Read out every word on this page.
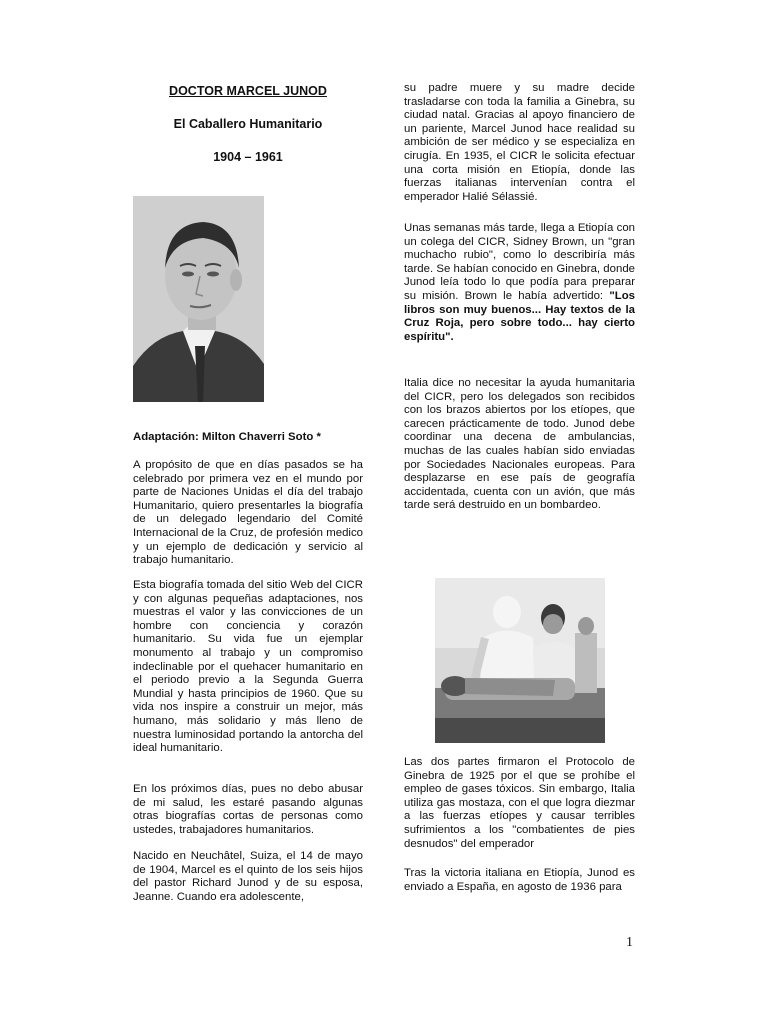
DOCTOR MARCEL JUNOD
El Caballero Humanitario
1904 – 1961
Adaptación: Milton Chaverri Soto *

A propósito de que en días pasados se ha celebrado por primera vez en el mundo por parte de Naciones Unidas el día del trabajo Humanitario, quiero presentarles la biografía de un delegado legendario del Comité Internacional de la Cruz, de profesión medico y un ejemplo de dedicación y servicio al trabajo humanitario.

Esta biografía tomada del sitio Web del CICR y con algunas pequeñas adaptaciones, nos muestras el valor y las convicciones de un hombre con conciencia y corazón humanitario. Su vida fue un ejemplar monumento al trabajo y un compromiso indeclinable por el quehacer humanitario en el periodo previo a la Segunda Guerra Mundial y hasta principios de 1960. Que su vida nos inspire a construir un mejor, más humano, más solidario y más lleno de nuestra luminosidad portando la antorcha del ideal humanitario.

En los próximos días, pues no debo abusar de mi salud, les estaré pasando algunas otras biografías cortas de personas como ustedes, trabajadores humanitarios.

Nacido en Neuchâtel, Suiza, el 14 de mayo de 1904, Marcel es el quinto de los seis hijos del pastor Richard Junod y de su esposa, Jeanne. Cuando era adolescente,

su padre muere y su madre decide trasladarse con toda la familia a Ginebra, su ciudad natal. Gracias al apoyo financiero de un pariente, Marcel Junod hace realidad su ambición de ser médico y se especializa en cirugía. En 1935, el CICR le solicita efectuar una corta misión en Etiopía, donde las fuerzas italianas intervenían contra el emperador Halié Sélassié.

Unas semanas más tarde, llega a Etiopía con un colega del CICR, Sidney Brown, un "gran muchacho rubio", como lo describiría más tarde. Se habían conocido en Ginebra, donde Junod leía todo lo que podía para preparar su misión. Brown le había advertido: "Los libros son muy buenos... Hay textos de la Cruz Roja, pero sobre todo... hay cierto espíritu".

Italia dice no necesitar la ayuda humanitaria del CICR, pero los delegados son recibidos con los brazos abiertos por los etíopes, que carecen prácticamente de todo. Junod debe coordinar una decena de ambulancias, muchas de las cuales habían sido enviadas por Sociedades Nacionales europeas. Para desplazarse en ese país de geografía accidentada, cuenta con un avión, que más tarde será destruido en un bombardeo.

Las dos partes firmaron el Protocolo de Ginebra de 1925 por el que se prohíbe el empleo de gases tóxicos. Sin embargo, Italia utiliza gas mostaza, con el que logra diezmar a las fuerzas etíopes y causar terribles sufrimientos a los "combatientes de pies desnudos" del emperador

Tras la victoria italiana en Etiopía, Junod es enviado a España, en agosto de 1936 para

1
